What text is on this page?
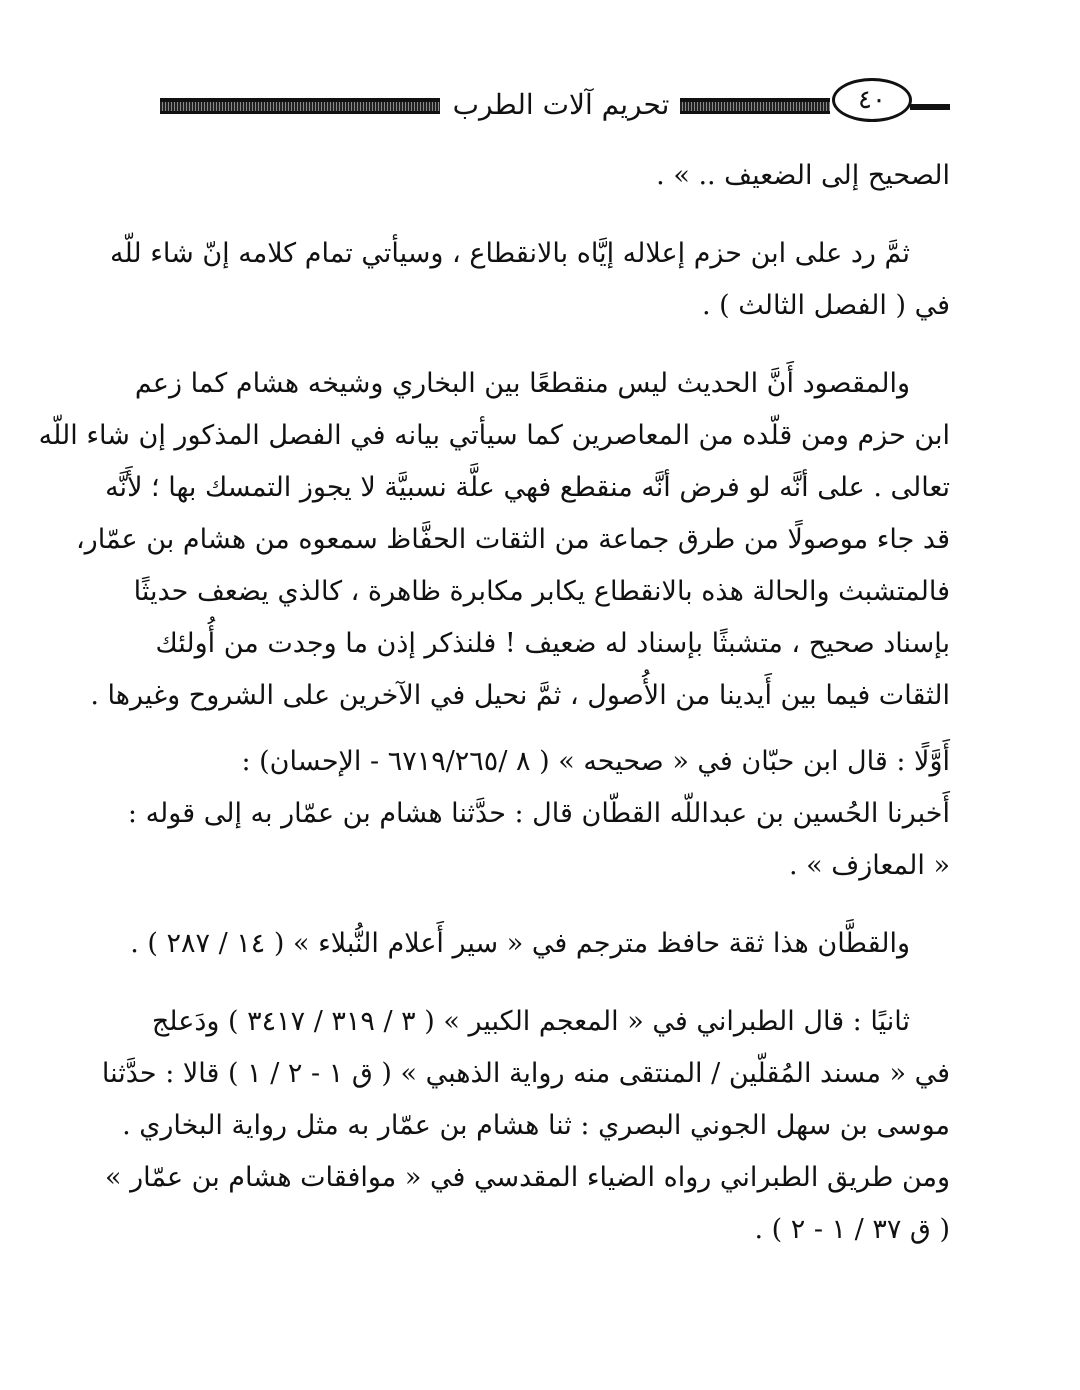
تحريم آلات الطرب	٤٠

الصحيح إلى الضعيف .. » .

ثمَّ رد على ابن حزم إعلاله إيَّاه بالانقطاع ، وسيأتي تمام كلامه إنّ شاء للّه

في ( الفصل الثالث ) .

والمقصود أَنَّ الحديث ليس منقطعًا بين البخاري وشيخه هشام كما زعم

ابن حزم ومن قلّده من المعاصرين كما سيأتي بيانه في الفصل المذكور إن شاء اللّه
تعالى . على أنَّه لو فرض أنَّه منقطع فهي علَّة نسبيَّة لا يجوز التمسك بها ؛ لأَنَّه
قد جاء موصولًا من طرق جماعة من الثقات الحفَّاظ سمعوه من هشام بن عمّار،
فالمتشبث والحالة هذه بالانقطاع يكابر مكابرة ظاهرة ، كالذي يضعف حديثًا
بإسناد صحيح ، متشبثًا بإسناد له ضعيف ! فلنذكر إذن ما وجدت من أُولئك
الثقات فيما بين أَيدينا من الأُصول ، ثمَّ نحيل في الآخرين على الشروح وغيرها .

أَوَّلًا : قال ابن حبّان في « صحيحه » ( ٨ /٦٧١٩/٢٦٥ - الإحسان) :
أَخبرنا الحُسين بن عبداللّه القطّان قال : حدَّثنا هشام بن عمّار به إلى قوله :
« المعازف » .

والقطَّان هذا ثقة حافظ مترجم في « سير أَعلام النُّبلاء » ( ١٤ / ٢٨٧ ) .

ثانيًا : قال الطبراني في « المعجم الكبير » ( ٣ / ٣١٩ / ٣٤١٧ ) ودَعلج

في « مسند المُقلّين / المنتقى منه رواية الذهبي » ( ق ١ - ٢ / ١ ) قالا : حدَّثنا
موسى بن سهل الجوني البصري : ثنا هشام بن عمّار به مثل رواية البخاري .
ومن طريق الطبراني رواه الضياء المقدسي في « موافقات هشام بن عمّار »
( ق ٣٧ / ١ - ٢ ) .
